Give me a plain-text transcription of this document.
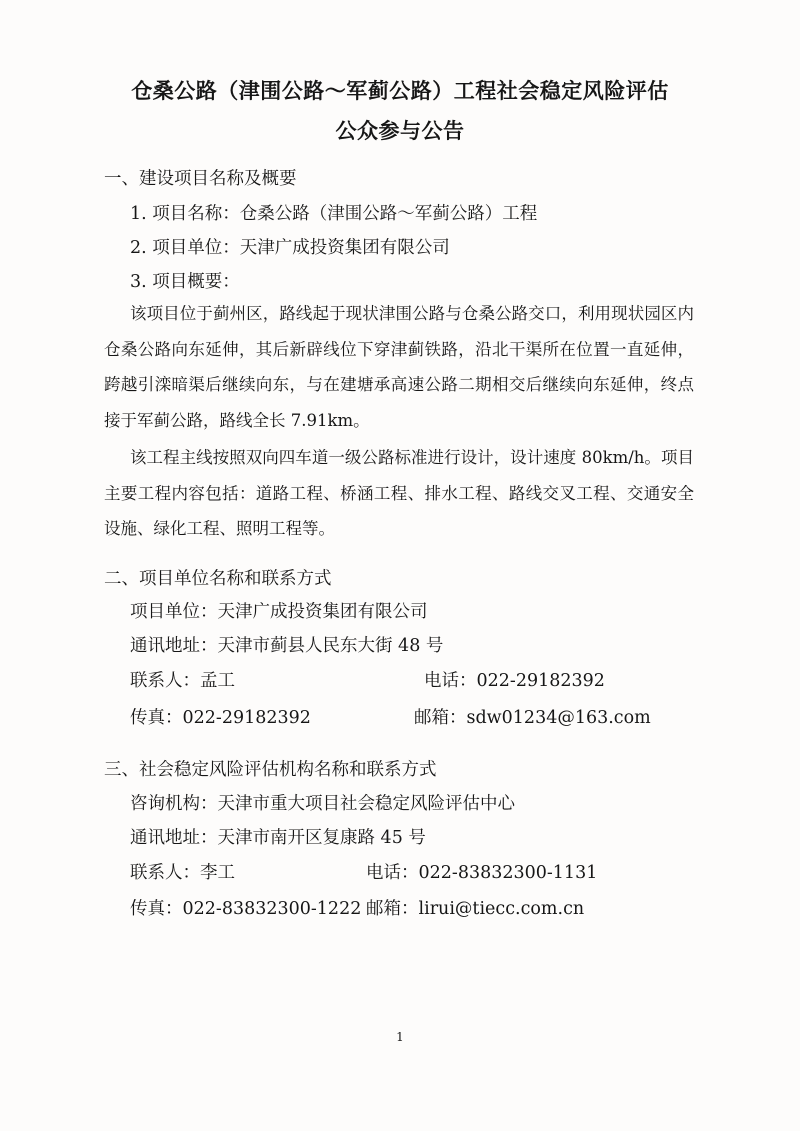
仓桑公路（津围公路～军蓟公路）工程社会稳定风险评估
公众参与公告
一、建设项目名称及概要
1. 项目名称：仓桑公路（津围公路～军蓟公路）工程
2. 项目单位：天津广成投资集团有限公司
3. 项目概要：
该项目位于蓟州区，路线起于现状津围公路与仓桑公路交口，利用现状园区内仓桑公路向东延伸，其后新辟线位下穿津蓟铁路，沿北干渠所在位置一直延伸，跨越引滦暗渠后继续向东，与在建塘承高速公路二期相交后继续向东延伸，终点接于军蓟公路，路线全长 7.91km。
该工程主线按照双向四车道一级公路标准进行设计，设计速度 80km/h。项目主要工程内容包括：道路工程、桥涵工程、排水工程、路线交叉工程、交通安全设施、绿化工程、照明工程等。
二、项目单位名称和联系方式
项目单位：天津广成投资集团有限公司
通讯地址：天津市蓟县人民东大街 48 号
联系人：孟工	电话：022-29182392
传真：022-29182392	邮箱：sdw01234@163.com
三、社会稳定风险评估机构名称和联系方式
咨询机构：天津市重大项目社会稳定风险评估中心
通讯地址：天津市南开区复康路 45 号
联系人：李工	电话：022-83832300-1131
传真：022-83832300-1222 邮箱：lirui@tiecc.com.cn
1
